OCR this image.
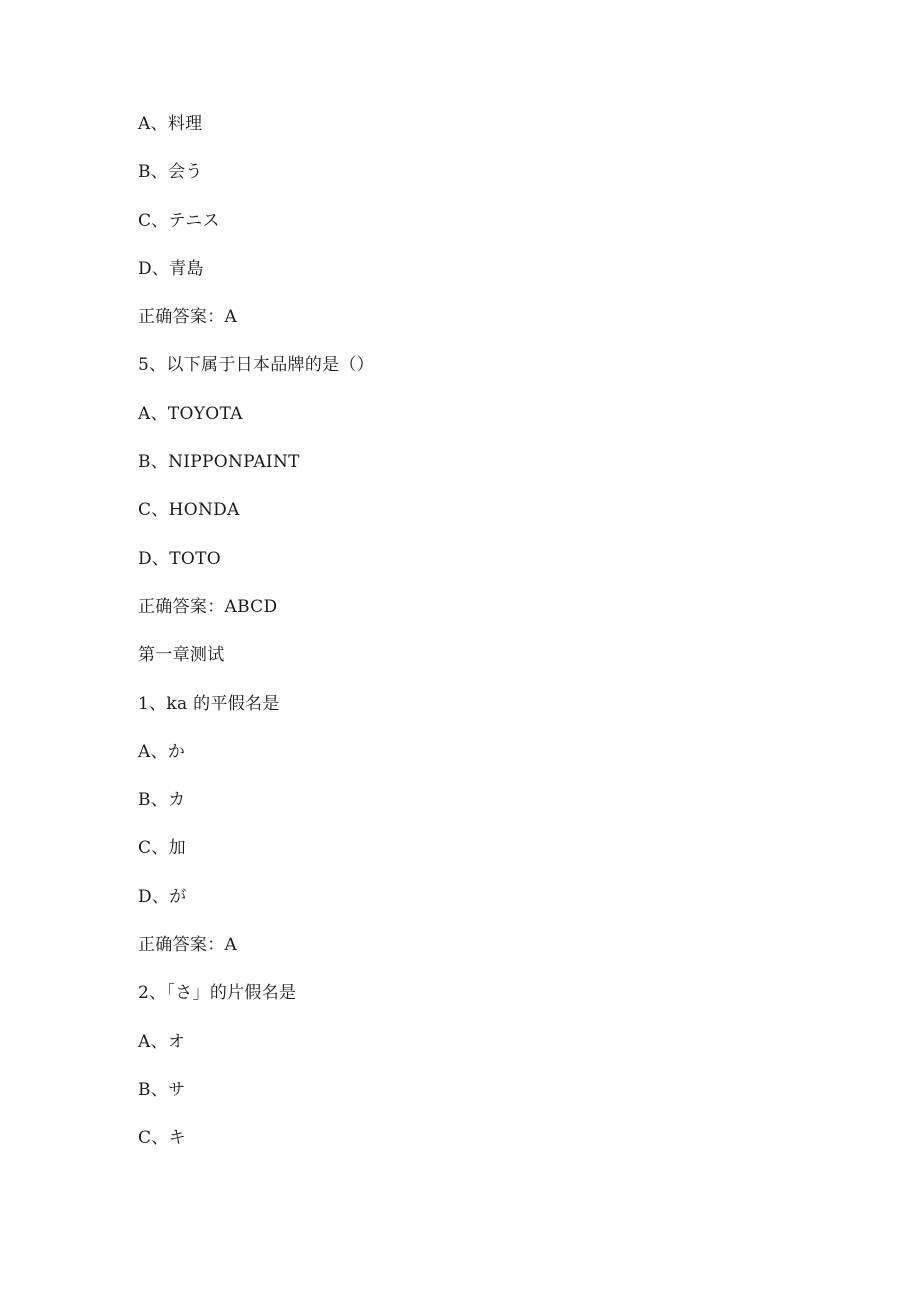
A、料理
B、会う
C、テニス
D、青島
正确答案：A
5、以下属于日本品牌的是（）
A、TOYOTA
B、NIPPONPAINT
C、HONDA
D、TOTO
正确答案：ABCD
第一章测试
1、ka 的平假名是
A、か
B、カ
C、加
D、が
正确答案：A
2、「さ」的片假名是
A、オ
B、サ
C、キ
